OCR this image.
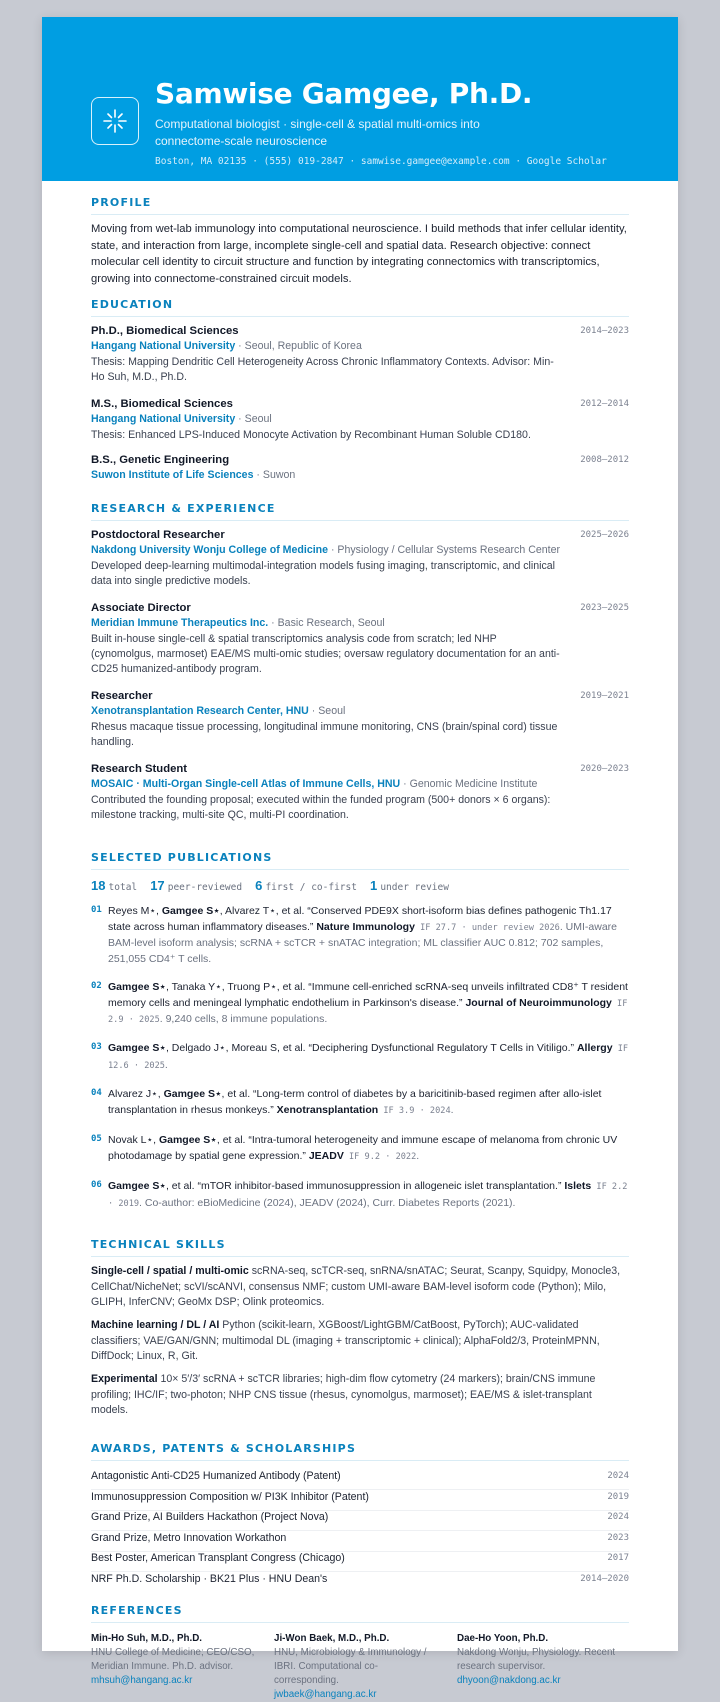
Samwise Gamgee, Ph.D.
Computational biologist · single-cell & spatial multi-omics into connectome-scale neuroscience
Boston, MA 02135 · (555) 019-2847 · samwise.gamgee@example.com · Google Scholar
PROFILE
Moving from wet-lab immunology into computational neuroscience. I build methods that infer cellular identity, state, and interaction from large, incomplete single-cell and spatial data. Research objective: connect molecular cell identity to circuit structure and function by integrating connectomics with transcriptomics, growing into connectome-constrained circuit models.
EDUCATION
Ph.D., Biomedical Sciences	2014–2023
Hangang National University · Seoul, Republic of Korea
Thesis: Mapping Dendritic Cell Heterogeneity Across Chronic Inflammatory Contexts. Advisor: Min-Ho Suh, M.D., Ph.D.
M.S., Biomedical Sciences	2012–2014
Hangang National University · Seoul
Thesis: Enhanced LPS-Induced Monocyte Activation by Recombinant Human Soluble CD180.
B.S., Genetic Engineering	2008–2012
Suwon Institute of Life Sciences · Suwon
RESEARCH & EXPERIENCE
Postdoctoral Researcher	2025–2026
Nakdong University Wonju College of Medicine · Physiology / Cellular Systems Research Center
Developed deep-learning multimodal-integration models fusing imaging, transcriptomic, and clinical data into single predictive models.
Associate Director	2023–2025
Meridian Immune Therapeutics Inc. · Basic Research, Seoul
Built in-house single-cell & spatial transcriptomics analysis code from scratch; led NHP (cynomolgus, marmoset) EAE/MS multi-omic studies; oversaw regulatory documentation for an anti-CD25 humanized-antibody program.
Researcher	2019–2021
Xenotransplantation Research Center, HNU · Seoul
Rhesus macaque tissue processing, longitudinal immune monitoring, CNS (brain/spinal cord) tissue handling.
Research Student	2020–2023
MOSAIC · Multi-Organ Single-cell Atlas of Immune Cells, HNU · Genomic Medicine Institute
Contributed the founding proposal; executed within the funded program (500+ donors × 6 organs): milestone tracking, multi-site QC, multi-PI coordination.
SELECTED PUBLICATIONS
18 total 17 peer-reviewed 6 first / co-first 1 under review
01 Reyes M⋆, Gamgee S⋆, Alvarez T⋆, et al. “Conserved PDE9X short-isoform bias defines pathogenic Th1.17 state across human inflammatory diseases.” Nature Immunology IF 27.7 · under review 2026. UMI-aware BAM-level isoform analysis; scRNA + scTCR + snATAC integration; ML classifier AUC 0.812; 702 samples, 251,055 CD4⁺ T cells.
02 Gamgee S⋆, Tanaka Y⋆, Truong P⋆, et al. “Immune cell-enriched scRNA-seq unveils infiltrated CD8⁺ T resident memory cells and meningeal lymphatic endothelium in Parkinson's disease.” Journal of Neuroimmunology IF 2.9 · 2025. 9,240 cells, 8 immune populations.
03 Gamgee S⋆, Delgado J⋆, Moreau S, et al. “Deciphering Dysfunctional Regulatory T Cells in Vitiligo.” Allergy IF 12.6 · 2025.
04 Alvarez J⋆, Gamgee S⋆, et al. “Long-term control of diabetes by a baricitinib-based regimen after allo-islet transplantation in rhesus monkeys.” Xenotransplantation IF 3.9 · 2024.
05 Novak L⋆, Gamgee S⋆, et al. “Intra-tumoral heterogeneity and immune escape of melanoma from chronic UV photodamage by spatial gene expression.” JEADV IF 9.2 · 2022.
06 Gamgee S⋆, et al. “mTOR inhibitor-based immunosuppression in allogeneic islet transplantation.” Islets IF 2.2 · 2019. Co-author: eBioMedicine (2024), JEADV (2024), Curr. Diabetes Reports (2021).
TECHNICAL SKILLS
Single-cell / spatial / multi-omic scRNA-seq, scTCR-seq, snRNA/snATAC; Seurat, Scanpy, Squidpy, Monocle3, CellChat/NicheNet; scVI/scANVI, consensus NMF; custom UMI-aware BAM-level isoform code (Python); Milo, GLIPH, InferCNV; GeoMx DSP; Olink proteomics.
Machine learning / DL / AI Python (scikit-learn, XGBoost/LightGBM/CatBoost, PyTorch); AUC-validated classifiers; VAE/GAN/GNN; multimodal DL (imaging + transcriptomic + clinical); AlphaFold2/3, ProteinMPNN, DiffDock; Linux, R, Git.
Experimental 10× 5′/3′ scRNA + scTCR libraries; high-dim flow cytometry (24 markers); brain/CNS immune profiling; IHC/IF; two-photon; NHP CNS tissue (rhesus, cynomolgus, marmoset); EAE/MS & islet-transplant models.
AWARDS, PATENTS & SCHOLARSHIPS
Antagonistic Anti-CD25 Humanized Antibody (Patent)	2024
Immunosuppression Composition w/ PI3K Inhibitor (Patent)	2019
Grand Prize, AI Builders Hackathon (Project Nova)	2024
Grand Prize, Metro Innovation Workathon	2023
Best Poster, American Transplant Congress (Chicago)	2017
NRF Ph.D. Scholarship · BK21 Plus · HNU Dean's	2014–2020
REFERENCES
Min-Ho Suh, M.D., Ph.D.
HNU College of Medicine; CEO/CSO, Meridian Immune. Ph.D. advisor.
mhsuh@hangang.ac.kr
Ji-Won Baek, M.D., Ph.D.
HNU, Microbiology & Immunology / IBRI. Computational co-corresponding.
jwbaek@hangang.ac.kr
Dae-Ho Yoon, Ph.D.
Nakdong Wonju, Physiology. Recent research supervisor.
dhyoon@nakdong.ac.kr
